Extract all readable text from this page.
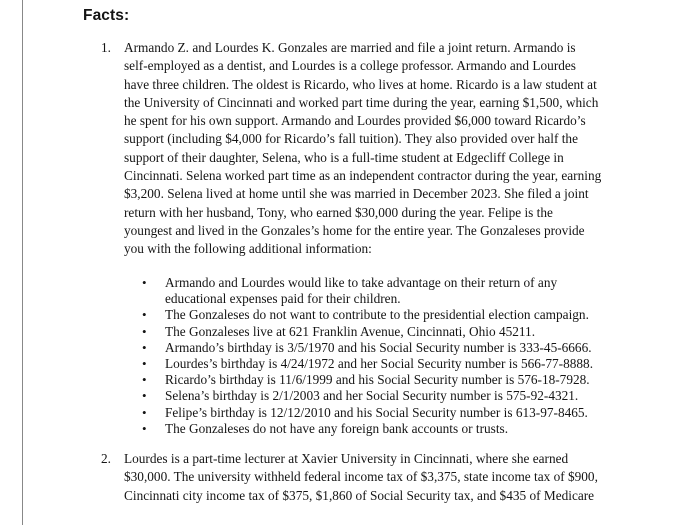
Facts:
1. Armando Z. and Lourdes K. Gonzales are married and file a joint return. Armando is
self-employed as a dentist, and Lourdes is a college professor. Armando and Lourdes
have three children. The oldest is Ricardo, who lives at home. Ricardo is a law student at
the University of Cincinnati and worked part time during the year, earning $1,500, which
he spent for his own support. Armando and Lourdes provided $6,000 toward Ricardo’s
support (including $4,000 for Ricardo’s fall tuition). They also provided over half the
support of their daughter, Selena, who is a full-time student at Edgecliff College in
Cincinnati. Selena worked part time as an independent contractor during the year, earning
$3,200. Selena lived at home until she was married in December 2023. She filed a joint
return with her husband, Tony, who earned $30,000 during the year. Felipe is the
youngest and lived in the Gonzales’s home for the entire year. The Gonzaleses provide
you with the following additional information:
• Armando and Lourdes would like to take advantage on their return of any
educational expenses paid for their children.
• The Gonzaleses do not want to contribute to the presidential election campaign.
• The Gonzaleses live at 621 Franklin Avenue, Cincinnati, Ohio 45211.
• Armando’s birthday is 3/5/1970 and his Social Security number is 333-45-6666.
• Lourdes’s birthday is 4/24/1972 and her Social Security number is 566-77-8888.
• Ricardo’s birthday is 11/6/1999 and his Social Security number is 576-18-7928.
• Selena’s birthday is 2/1/2003 and her Social Security number is 575-92-4321.
• Felipe’s birthday is 12/12/2010 and his Social Security number is 613-97-8465.
• The Gonzaleses do not have any foreign bank accounts or trusts.
2. Lourdes is a part-time lecturer at Xavier University in Cincinnati, where she earned
$30,000. The university withheld federal income tax of $3,375, state income tax of $900,
Cincinnati city income tax of $375, $1,860 of Social Security tax, and $435 of Medicare
